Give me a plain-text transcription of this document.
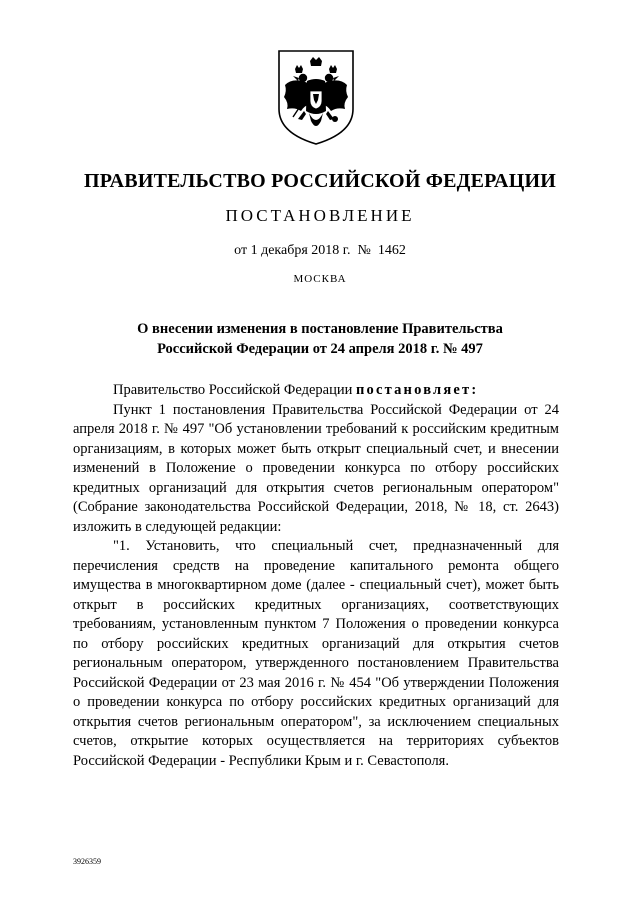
ПРАВИТЕЛЬСТВО РОССИЙСКОЙ ФЕДЕРАЦИИ
ПОСТАНОВЛЕНИЕ
от 1 декабря 2018 г.  №  1462
МОСКВА
О внесении изменения в постановление Правительства
Российской Федерации от 24 апреля 2018 г. № 497

Правительство Российской Федерации постановляет:

Пункт 1 постановления Правительства Российской Федерации от 24 апреля 2018 г. № 497 "Об установлении требований к российским кредитным организациям, в которых может быть открыт специальный счет, и внесении изменений в Положение о проведении конкурса по отбору российских кредитных организаций для открытия счетов региональным оператором" (Собрание законодательства Российской Федерации, 2018, № 18, ст. 2643) изложить в следующей редакции:

"1. Установить, что специальный счет, предназначенный для перечисления средств на проведение капитального ремонта общего имущества в многоквартирном доме (далее - специальный счет), может быть открыт в российских кредитных организациях, соответствующих требованиям, установленным пунктом 7 Положения о проведении конкурса по отбору российских кредитных организаций для открытия счетов региональным оператором, утвержденного постановлением Правительства Российской Федерации от 23 мая 2016 г. № 454 "Об утверждении Положения о проведении конкурса по отбору российских кредитных организаций для открытия счетов региональным оператором", за исключением специальных счетов, открытие которых осуществляется на территориях субъектов Российской Федерации - Республики Крым и г. Севастополя.

3926359
